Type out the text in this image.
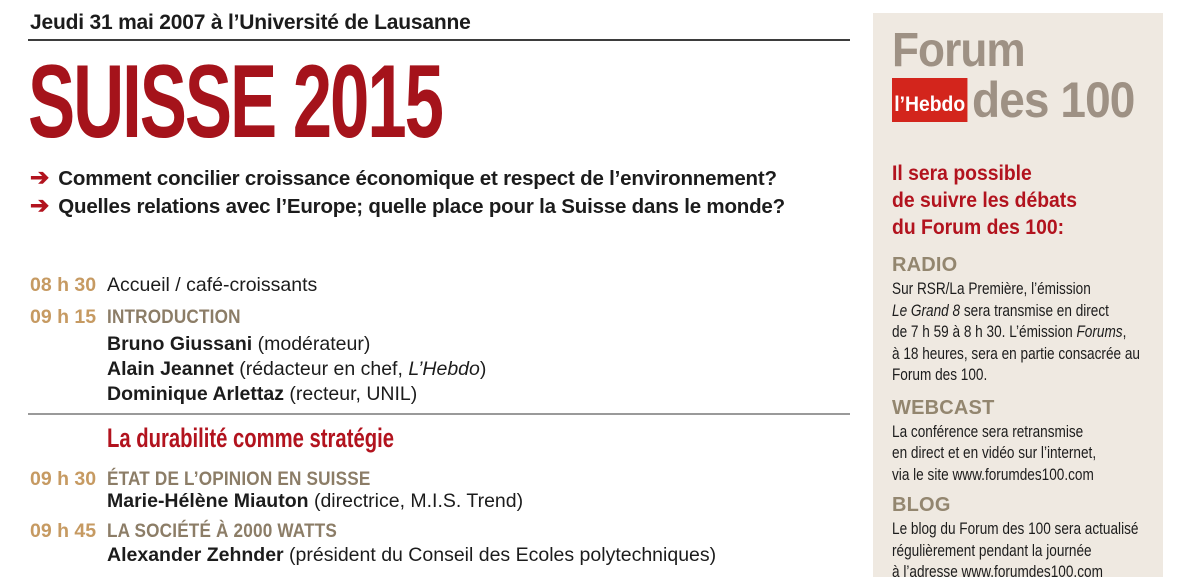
Jeudi 31 mai 2007 à l’Université de Lausanne
SUISSE 2015
➔ Comment concilier croissance économique et respect de l’environnement?
➔ Quelles relations avec l’Europe; quelle place pour la Suisse dans le monde?
08 h 30 Accueil / café-croissants
09 h 15 INTRODUCTION
Bruno Giussani (modérateur)
Alain Jeannet (rédacteur en chef, L’Hebdo)
Dominique Arlettaz (recteur, UNIL)
La durabilité comme stratégie
09 h 30 ÉTAT DE L’OPINION EN SUISSE
Marie-Hélène Miauton (directrice, M.I.S. Trend)
09 h 45 LA SOCIÉTÉ À 2000 WATTS
Alexander Zehnder (président du Conseil des Ecoles polytechniques)
Forum
l’Hebdo des 100
Il sera possible
de suivre les débats
du Forum des 100:
RADIO
Sur RSR/La Première, l’émission
Le Grand 8 sera transmise en direct
de 7 h 59 à 8 h 30. L’émission Forums,
à 18 heures, sera en partie consacrée au
Forum des 100.
WEBCAST
La conférence sera retransmise
en direct et en vidéo sur l’internet,
via le site www.forumdes100.com
BLOG
Le blog du Forum des 100 sera actualisé
régulièrement pendant la journée
à l’adresse www.forumdes100.com
